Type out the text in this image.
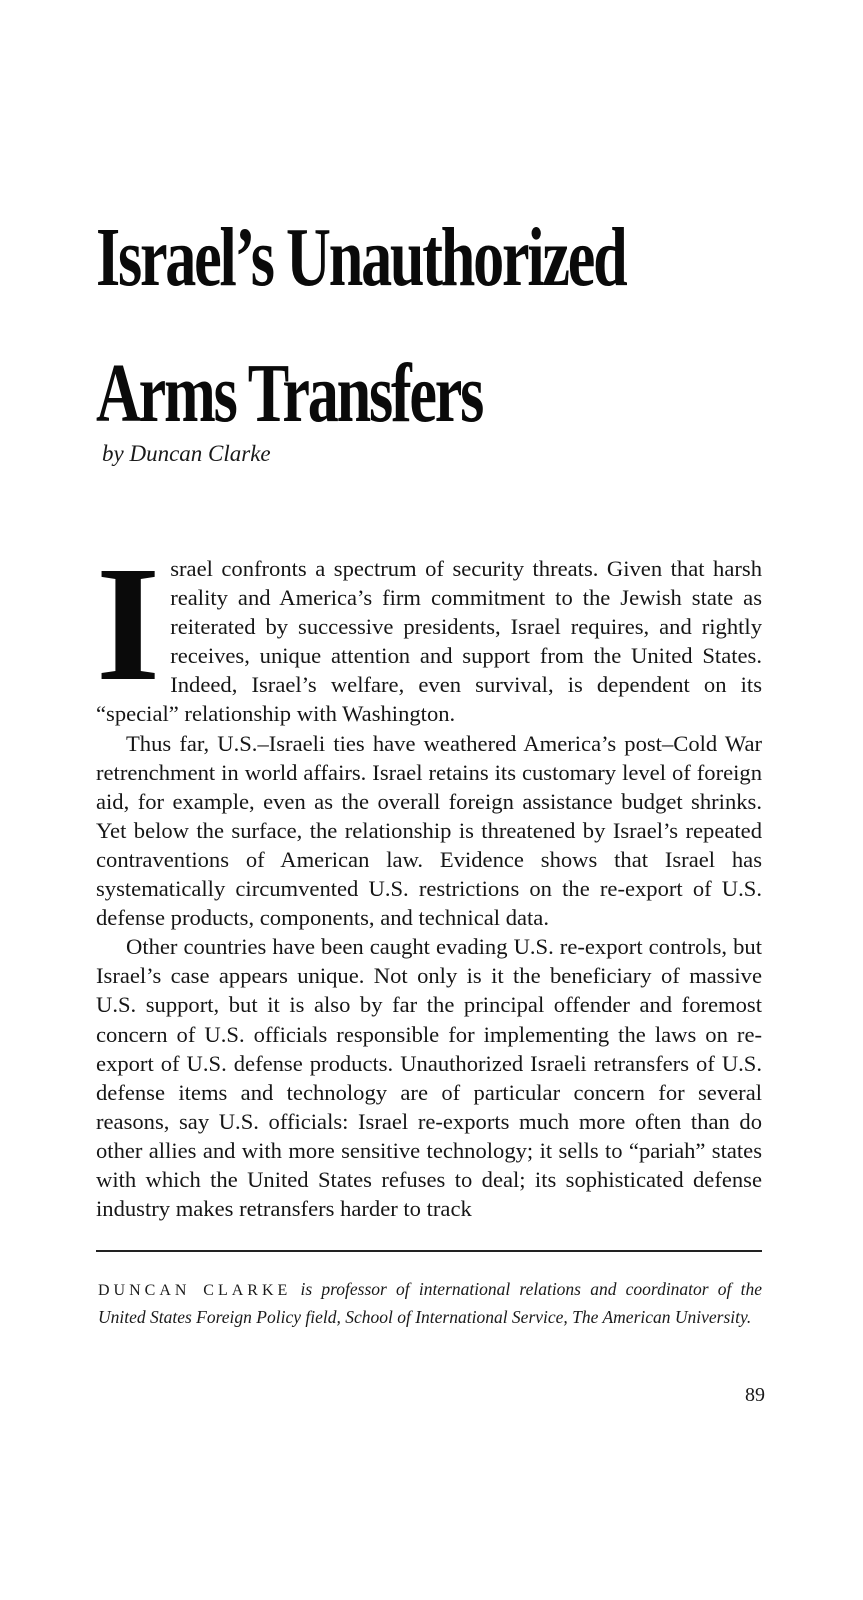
Israel’s Unauthorized
Arms Transfers
by Duncan Clarke

Israel confronts a spectrum of security threats. Given that harsh reality and America’s firm commitment to the Jewish state as reiterated by successive presidents, Israel requires, and rightly receives, unique attention and support from the United States. Indeed, Israel’s welfare, even survival, is dependent on its “special” relationship with Washington.

Thus far, U.S.–Israeli ties have weathered America’s post–Cold War retrenchment in world affairs. Israel retains its customary level of foreign aid, for example, even as the overall foreign assistance budget shrinks. Yet below the surface, the relationship is threatened by Israel’s repeated contraventions of American law. Evidence shows that Israel has systematically circumvented U.S. restrictions on the re-export of U.S. defense products, components, and technical data.

Other countries have been caught evading U.S. re-export controls, but Israel’s case appears unique. Not only is it the beneficiary of massive U.S. support, but it is also by far the principal offender and foremost concern of U.S. officials responsible for implementing the laws on re-export of U.S. defense products. Unauthorized Israeli retransfers of U.S. defense items and technology are of particular concern for several reasons, say U.S. officials: Israel re-exports much more often than do other allies and with more sensitive technology; it sells to “pariah” states with which the United States refuses to deal; its sophisticated defense industry makes retransfers harder to track

DUNCAN CLARKE is professor of international relations and coordinator of the United States Foreign Policy field, School of International Service, The American University.
89
